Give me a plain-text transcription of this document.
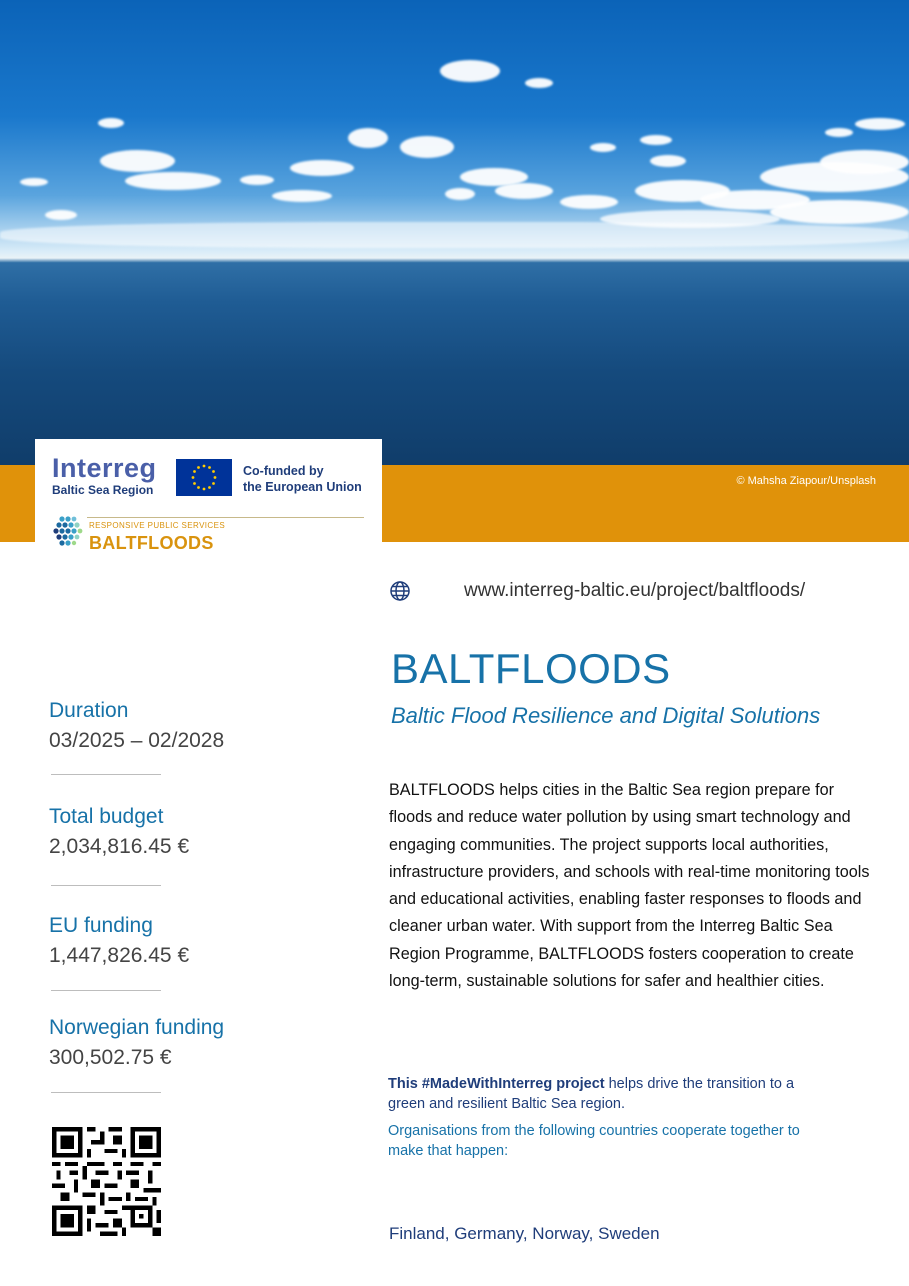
© Mahsha Ziapour/Unsplash
Interreg
Baltic Sea Region
Co-funded by
the European Union
RESPONSIVE PUBLIC SERVICES
BALTFLOODS
www.interreg-baltic.eu/project/baltfloods/
BALTFLOODS
Baltic Flood Resilience and Digital Solutions
BALTFLOODS helps cities in the Baltic Sea region prepare for floods and reduce water pollution by using smart technology and engaging communities. The project supports local authorities, infrastructure providers, and schools with real-time monitoring tools and educational activities, enabling faster responses to floods and cleaner urban water. With support from the Interreg Baltic Sea Region Programme, BALTFLOODS fosters cooperation to create long-term, sustainable solutions for safer and healthier cities.
Duration
03/2025 – 02/2028
Total budget
2,034,816.45 €
EU funding
1,447,826.45 €
Norwegian funding
300,502.75 €
This #MadeWithInterreg project helps drive the transition to a green and resilient Baltic Sea region.
Organisations from the following countries cooperate together to make that happen:
Finland, Germany, Norway, Sweden
